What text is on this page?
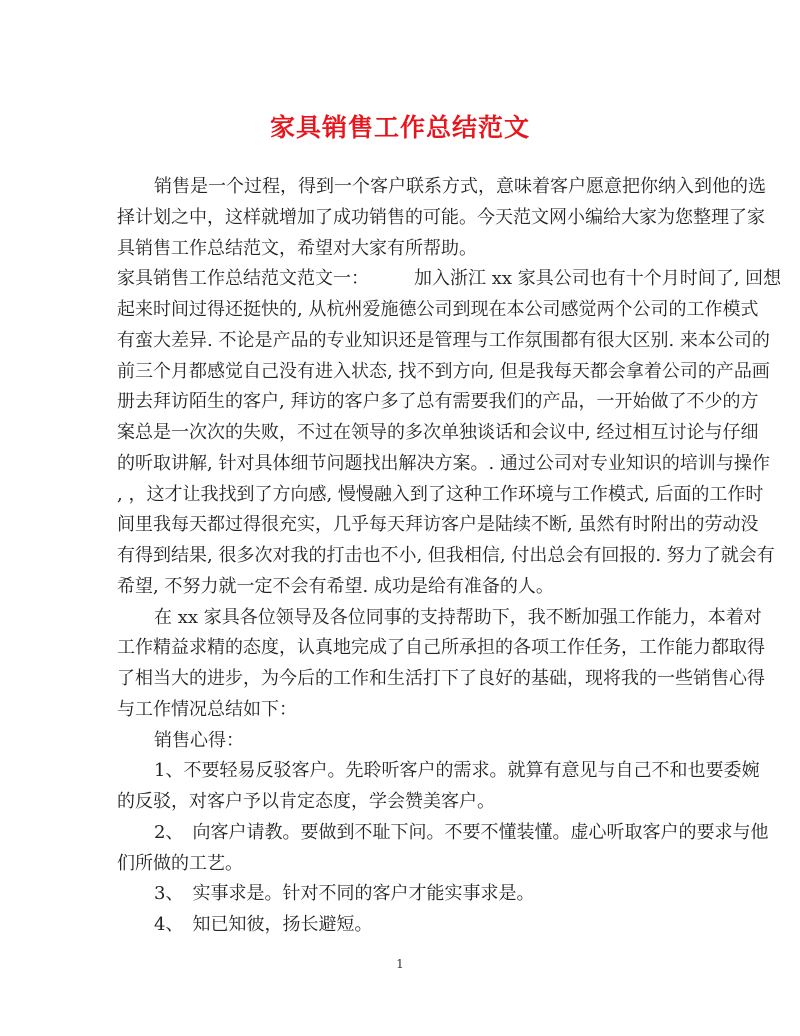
家具销售工作总结范文
销售是一个过程，得到一个客户联系方式，意味着客户愿意把你纳入到他的选
择计划之中，这样就增加了成功销售的可能。今天范文网小编给大家为您整理了家
具销售工作总结范文，希望对大家有所帮助。
家具销售工作总结范文范文一：　　　加入浙江 xx 家具公司也有十个月时间了, 回想
起来时间过得还挺快的, 从杭州爱施德公司到现在本公司感觉两个公司的工作模式
有蛮大差异. 不论是产品的专业知识还是管理与工作氛围都有很大区别. 来本公司的
前三个月都感觉自己没有进入状态, 找不到方向, 但是我每天都会拿着公司的产品画
册去拜访陌生的客户, 拜访的客户多了总有需要我们的产品，一开始做了不少的方
案总是一次次的失败，不过在领导的多次单独谈话和会议中, 经过相互讨论与仔细
的听取讲解, 针对具体细节问题找出解决方案。. 通过公司对专业知识的培训与操作
, ，这才让我找到了方向感, 慢慢融入到了这种工作环境与工作模式, 后面的工作时
间里我每天都过得很充实，几乎每天拜访客户是陆续不断, 虽然有时附出的劳动没
有得到结果, 很多次对我的打击也不小, 但我相信, 付出总会有回报的. 努力了就会有
希望, 不努力就一定不会有希望. 成功是给有准备的人。
在 xx 家具各位领导及各位同事的支持帮助下，我不断加强工作能力，本着对
工作精益求精的态度，认真地完成了自己所承担的各项工作任务，工作能力都取得
了相当大的进步，为今后的工作和生活打下了良好的基础，现将我的一些销售心得
与工作情况总结如下：
销售心得：
1、不要轻易反驳客户。先聆听客户的需求。就算有意见与自己不和也要委婉
的反驳，对客户予以肯定态度，学会赞美客户。
2、　向客户请教。要做到不耻下问。不要不懂装懂。虚心听取客户的要求与他
们所做的工艺。
3、　实事求是。针对不同的客户才能实事求是。
4、　知已知彼，扬长避短。
1
